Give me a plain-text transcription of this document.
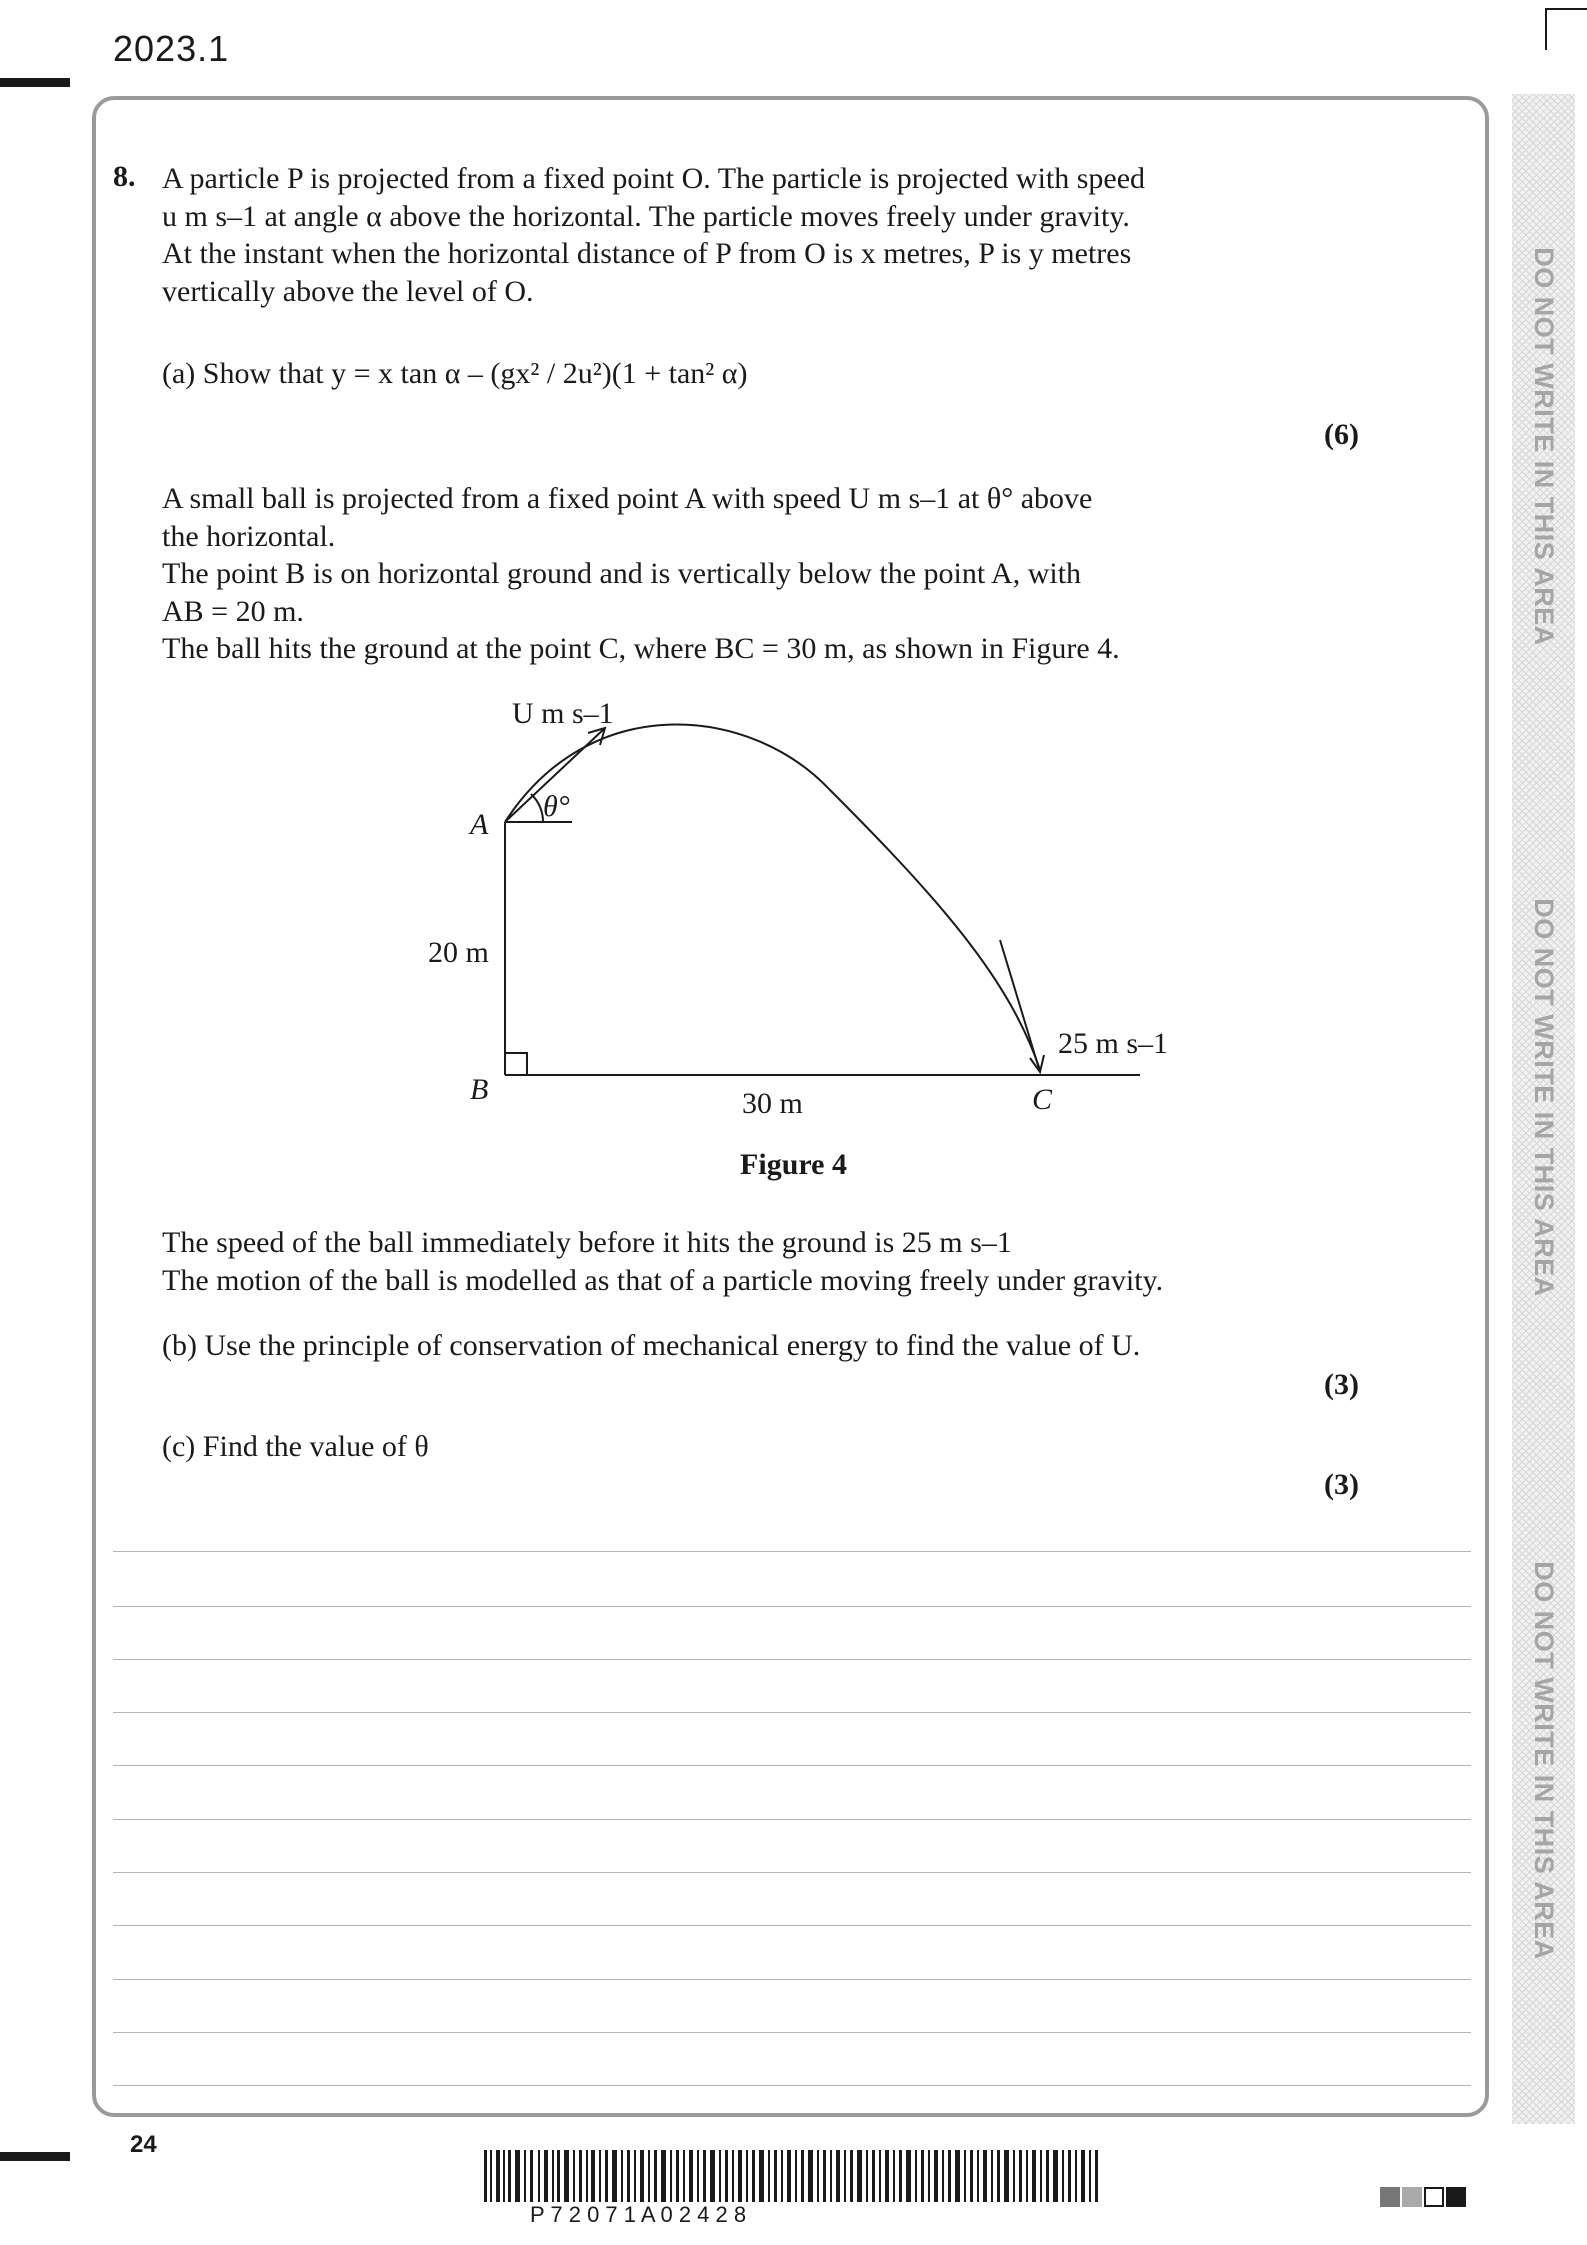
2023.1
DO NOT WRITE IN THIS AREA
DO NOT WRITE IN THIS AREA
DO NOT WRITE IN THIS AREA
8. A particle P is projected from a fixed point O. The particle is projected with speed
u m s–1 at angle α above the horizontal. The particle moves freely under gravity.
At the instant when the horizontal distance of P from O is x metres, P is y metres
vertically above the level of O.
(a) Show that y = x tan α – (gx² / 2u²)(1 + tan² α)
(6)
A small ball is projected from a fixed point A with speed U m s–1 at θ° above
the horizontal.
The point B is on horizontal ground and is vertically below the point A, with
AB = 20 m.
The ball hits the ground at the point C, where BC = 30 m, as shown in Figure 4.
U m s–1
θ°
A
20 m
B	30 m	C
25 m s–1
Figure 4
The speed of the ball immediately before it hits the ground is 25 m s–1
The motion of the ball is modelled as that of a particle moving freely under gravity.
(b) Use the principle of conservation of mechanical energy to find the value of U.
(3)
(c) Find the value of θ
(3)
24
P 7 2 0 7 1 A 0 2 4 2 8
